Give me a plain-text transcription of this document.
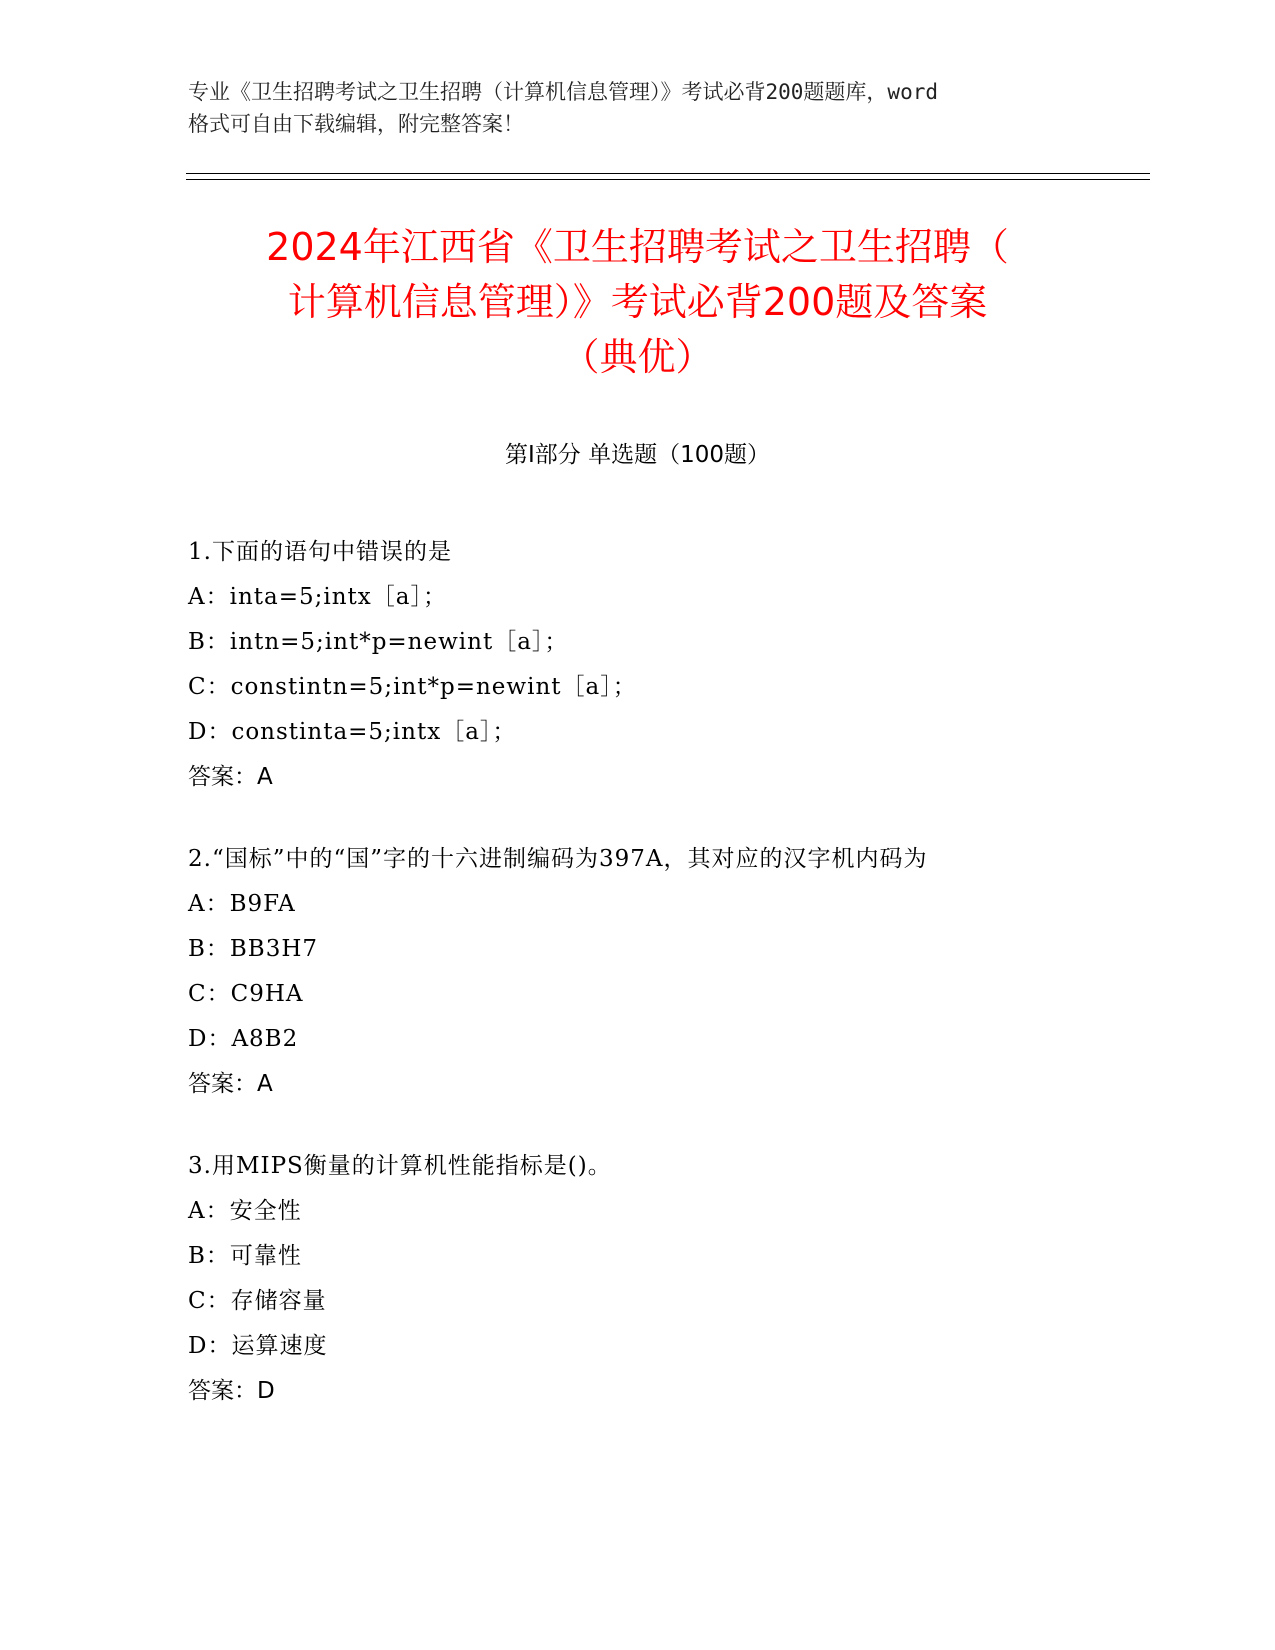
专业《卫生招聘考试之卫生招聘（计算机信息管理）》考试必背200题题库，word
格式可自由下载编辑，附完整答案！
2024年江西省《卫生招聘考试之卫生招聘（
计算机信息管理）》考试必背200题及答案
（典优）
第Ⅰ部分 单选题（100题）
1.下面的语句中错误的是
A：inta=5;intx［a］；
B：intn=5;int*p=newint［a］；
C：constintn=5;int*p=newint［a］；
D：constinta=5;intx［a］；
答案：A
2.“国标”中的“国”字的十六进制编码为397A，其对应的汉字机内码为
A：B9FA
B：BB3H7
C：C9HA
D：A8B2
答案：A
3.用MIPS衡量的计算机性能指标是()。
A：安全性
B：可靠性
C：存储容量
D：运算速度
答案：D
